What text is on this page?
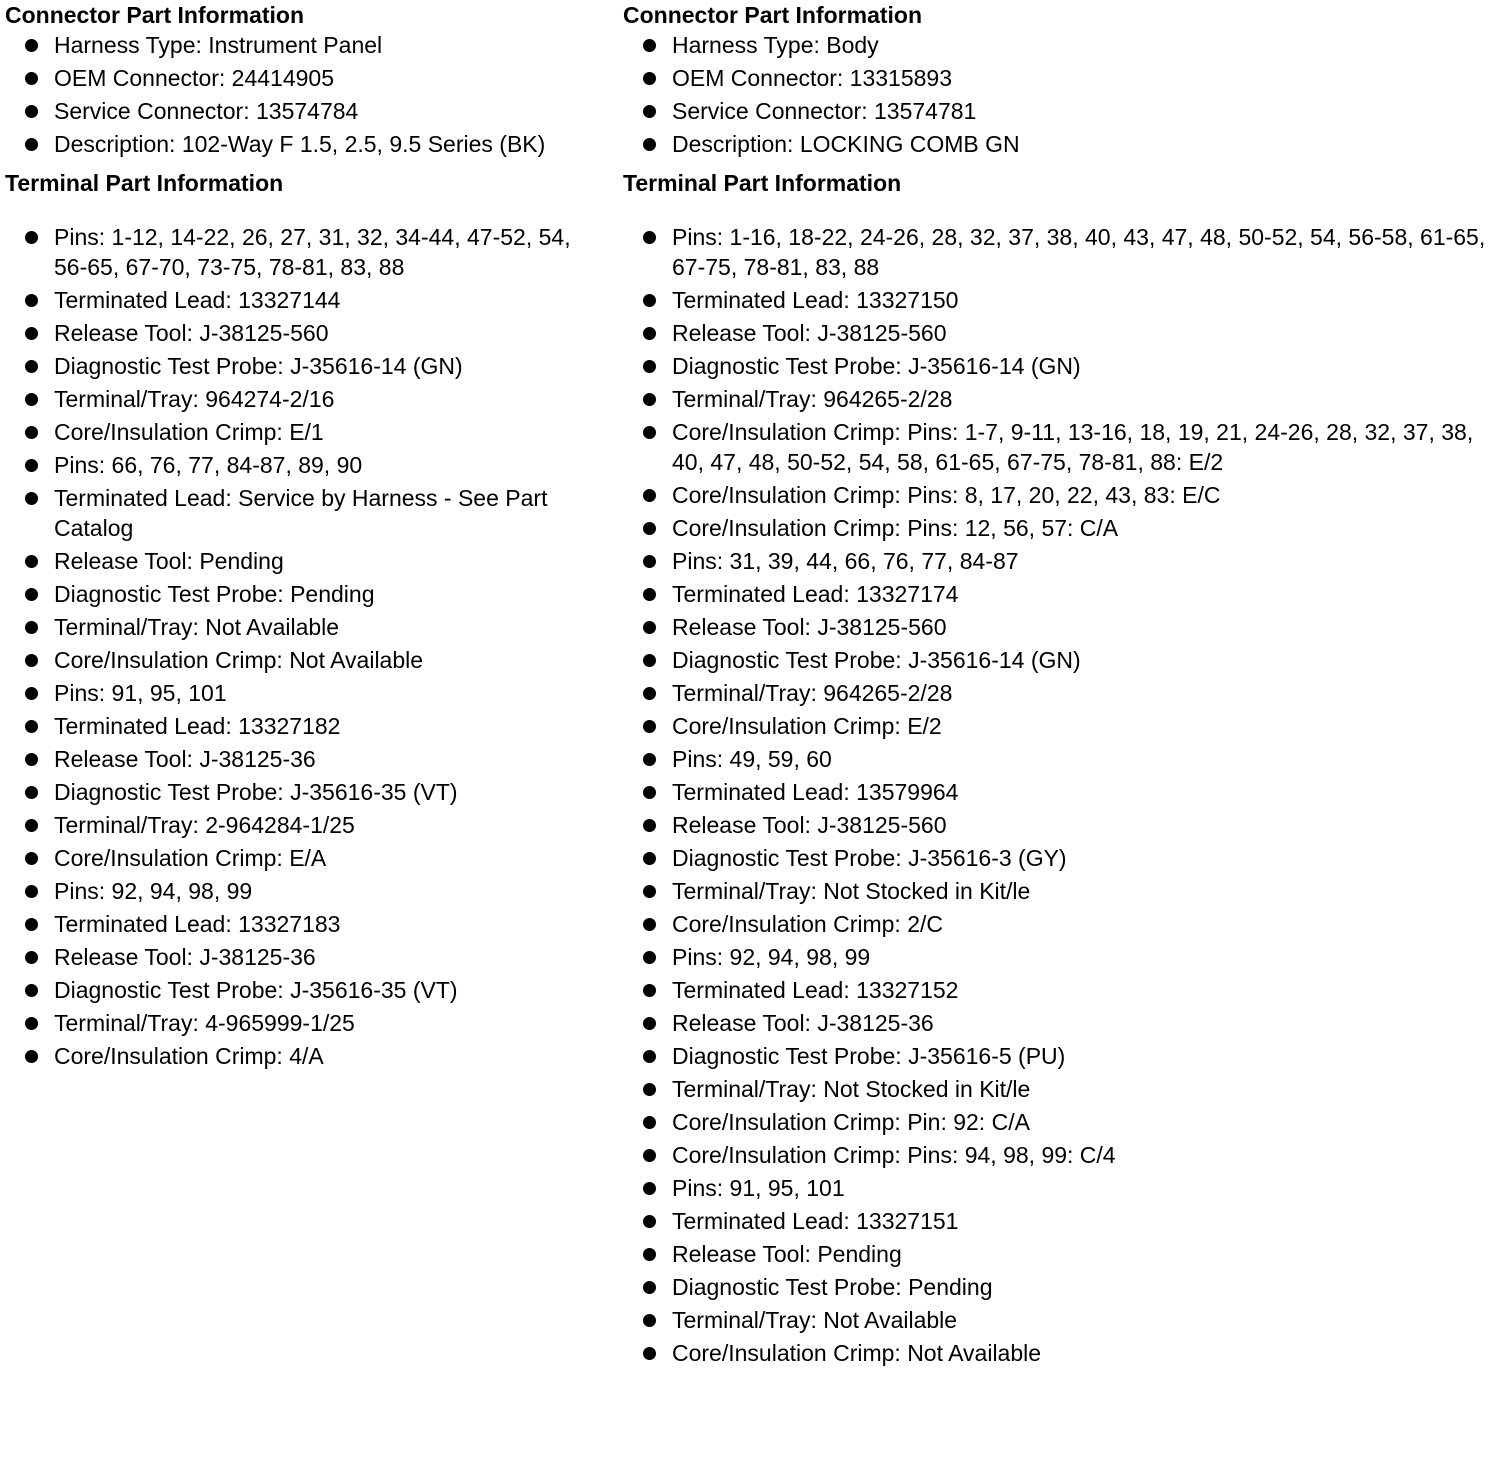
Connector Part Information
Harness Type: Instrument Panel
OEM Connector: 24414905
Service Connector: 13574784
Description: 102-Way F 1.5, 2.5, 9.5 Series (BK)
Terminal Part Information
Pins: 1-12, 14-22, 26, 27, 31, 32, 34-44, 47-52, 54, 56-65, 67-70, 73-75, 78-81, 83, 88
Terminated Lead: 13327144
Release Tool: J-38125-560
Diagnostic Test Probe: J-35616-14 (GN)
Terminal/Tray: 964274-2/16
Core/Insulation Crimp: E/1
Pins: 66, 76, 77, 84-87, 89, 90
Terminated Lead: Service by Harness - See Part Catalog
Release Tool: Pending
Diagnostic Test Probe: Pending
Terminal/Tray: Not Available
Core/Insulation Crimp: Not Available
Pins: 91, 95, 101
Terminated Lead: 13327182
Release Tool: J-38125-36
Diagnostic Test Probe: J-35616-35 (VT)
Terminal/Tray: 2-964284-1/25
Core/Insulation Crimp: E/A
Pins: 92, 94, 98, 99
Terminated Lead: 13327183
Release Tool: J-38125-36
Diagnostic Test Probe: J-35616-35 (VT)
Terminal/Tray: 4-965999-1/25
Core/Insulation Crimp: 4/A
Connector Part Information
Harness Type: Body
OEM Connector: 13315893
Service Connector: 13574781
Description: LOCKING COMB GN
Terminal Part Information
Pins: 1-16, 18-22, 24-26, 28, 32, 37, 38, 40, 43, 47, 48, 50-52, 54, 56-58, 61-65, 67-75, 78-81, 83, 88
Terminated Lead: 13327150
Release Tool: J-38125-560
Diagnostic Test Probe: J-35616-14 (GN)
Terminal/Tray: 964265-2/28
Core/Insulation Crimp: Pins: 1-7, 9-11, 13-16, 18, 19, 21, 24-26, 28, 32, 37, 38, 40, 47, 48, 50-52, 54, 58, 61-65, 67-75, 78-81, 88: E/2
Core/Insulation Crimp: Pins: 8, 17, 20, 22, 43, 83: E/C
Core/Insulation Crimp: Pins: 12, 56, 57: C/A
Pins: 31, 39, 44, 66, 76, 77, 84-87
Terminated Lead: 13327174
Release Tool: J-38125-560
Diagnostic Test Probe: J-35616-14 (GN)
Terminal/Tray: 964265-2/28
Core/Insulation Crimp: E/2
Pins: 49, 59, 60
Terminated Lead: 13579964
Release Tool: J-38125-560
Diagnostic Test Probe: J-35616-3 (GY)
Terminal/Tray: Not Stocked in Kit/le
Core/Insulation Crimp: 2/C
Pins: 92, 94, 98, 99
Terminated Lead: 13327152
Release Tool: J-38125-36
Diagnostic Test Probe: J-35616-5 (PU)
Terminal/Tray: Not Stocked in Kit/le
Core/Insulation Crimp: Pin: 92: C/A
Core/Insulation Crimp: Pins: 94, 98, 99: C/4
Pins: 91, 95, 101
Terminated Lead: 13327151
Release Tool: Pending
Diagnostic Test Probe: Pending
Terminal/Tray: Not Available
Core/Insulation Crimp: Not Available
